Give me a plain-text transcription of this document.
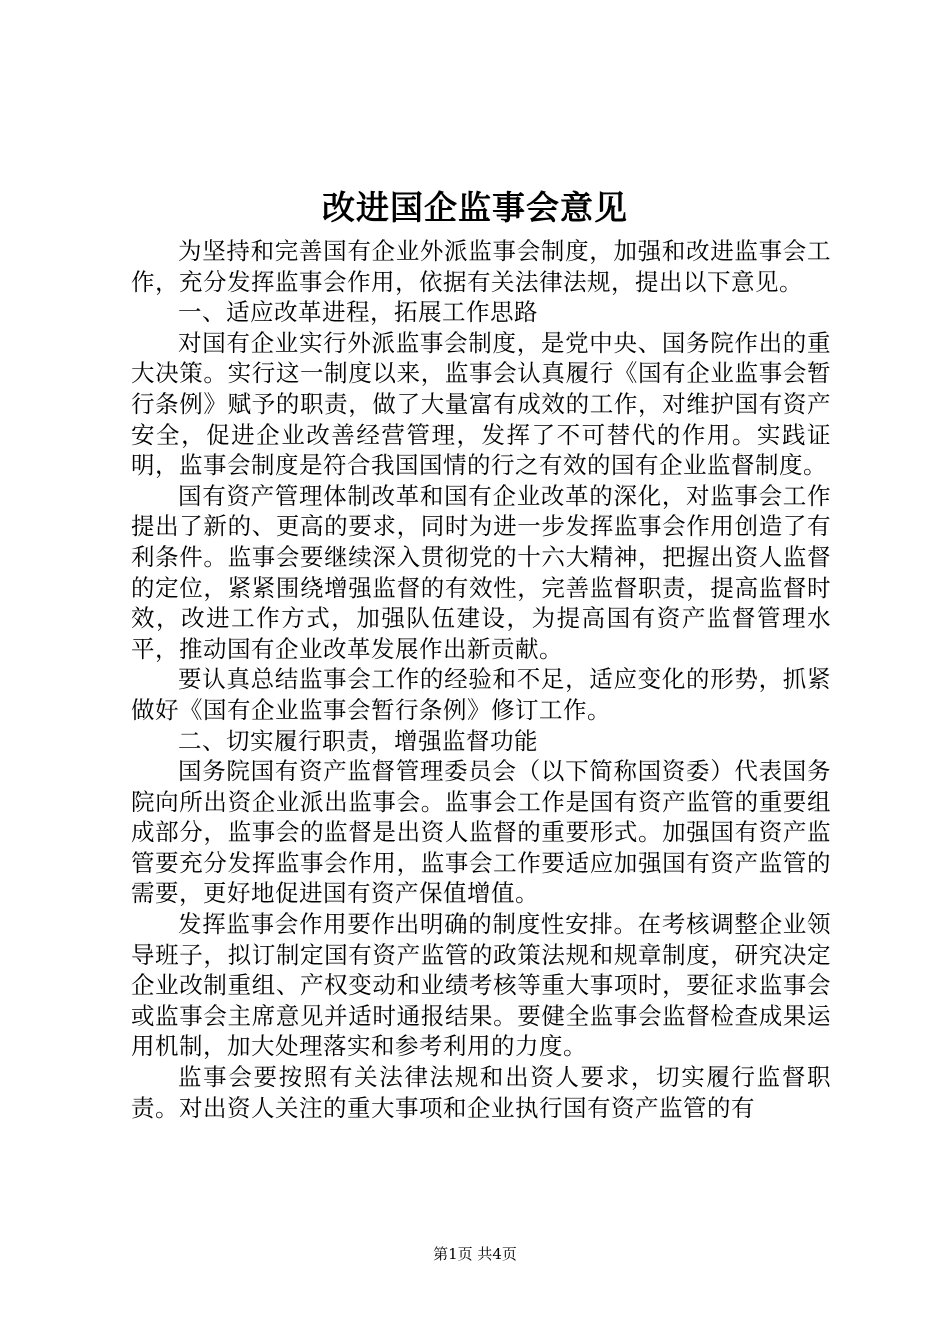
改进国企监事会意见

为坚持和完善国有企业外派监事会制度，加强和改进监事会工作，充分发挥监事会作用，依据有关法律法规，提出以下意见。

一、适应改革进程，拓展工作思路

对国有企业实行外派监事会制度，是党中央、国务院作出的重大决策。实行这一制度以来，监事会认真履行《国有企业监事会暂行条例》赋予的职责，做了大量富有成效的工作，对维护国有资产安全，促进企业改善经营管理，发挥了不可替代的作用。实践证明，监事会制度是符合我国国情的行之有效的国有企业监督制度。

国有资产管理体制改革和国有企业改革的深化，对监事会工作提出了新的、更高的要求，同时为进一步发挥监事会作用创造了有利条件。监事会要继续深入贯彻党的十六大精神，把握出资人监督的定位，紧紧围绕增强监督的有效性，完善监督职责，提高监督时效，改进工作方式，加强队伍建设，为提高国有资产监督管理水平，推动国有企业改革发展作出新贡献。

要认真总结监事会工作的经验和不足，适应变化的形势，抓紧做好《国有企业监事会暂行条例》修订工作。

二、切实履行职责，增强监督功能

国务院国有资产监督管理委员会（以下简称国资委）代表国务院向所出资企业派出监事会。监事会工作是国有资产监管的重要组成部分，监事会的监督是出资人监督的重要形式。加强国有资产监管要充分发挥监事会作用，监事会工作要适应加强国有资产监管的需要，更好地促进国有资产保值增值。

发挥监事会作用要作出明确的制度性安排。在考核调整企业领导班子，拟订制定国有资产监管的政策法规和规章制度，研究决定企业改制重组、产权变动和业绩考核等重大事项时，要征求监事会或监事会主席意见并适时通报结果。要健全监事会监督检查成果运用机制，加大处理落实和参考利用的力度。

监事会要按照有关法律法规和出资人要求，切实履行监督职责。对出资人关注的重大事项和企业执行国有资产监管的有

第1页 共4页
